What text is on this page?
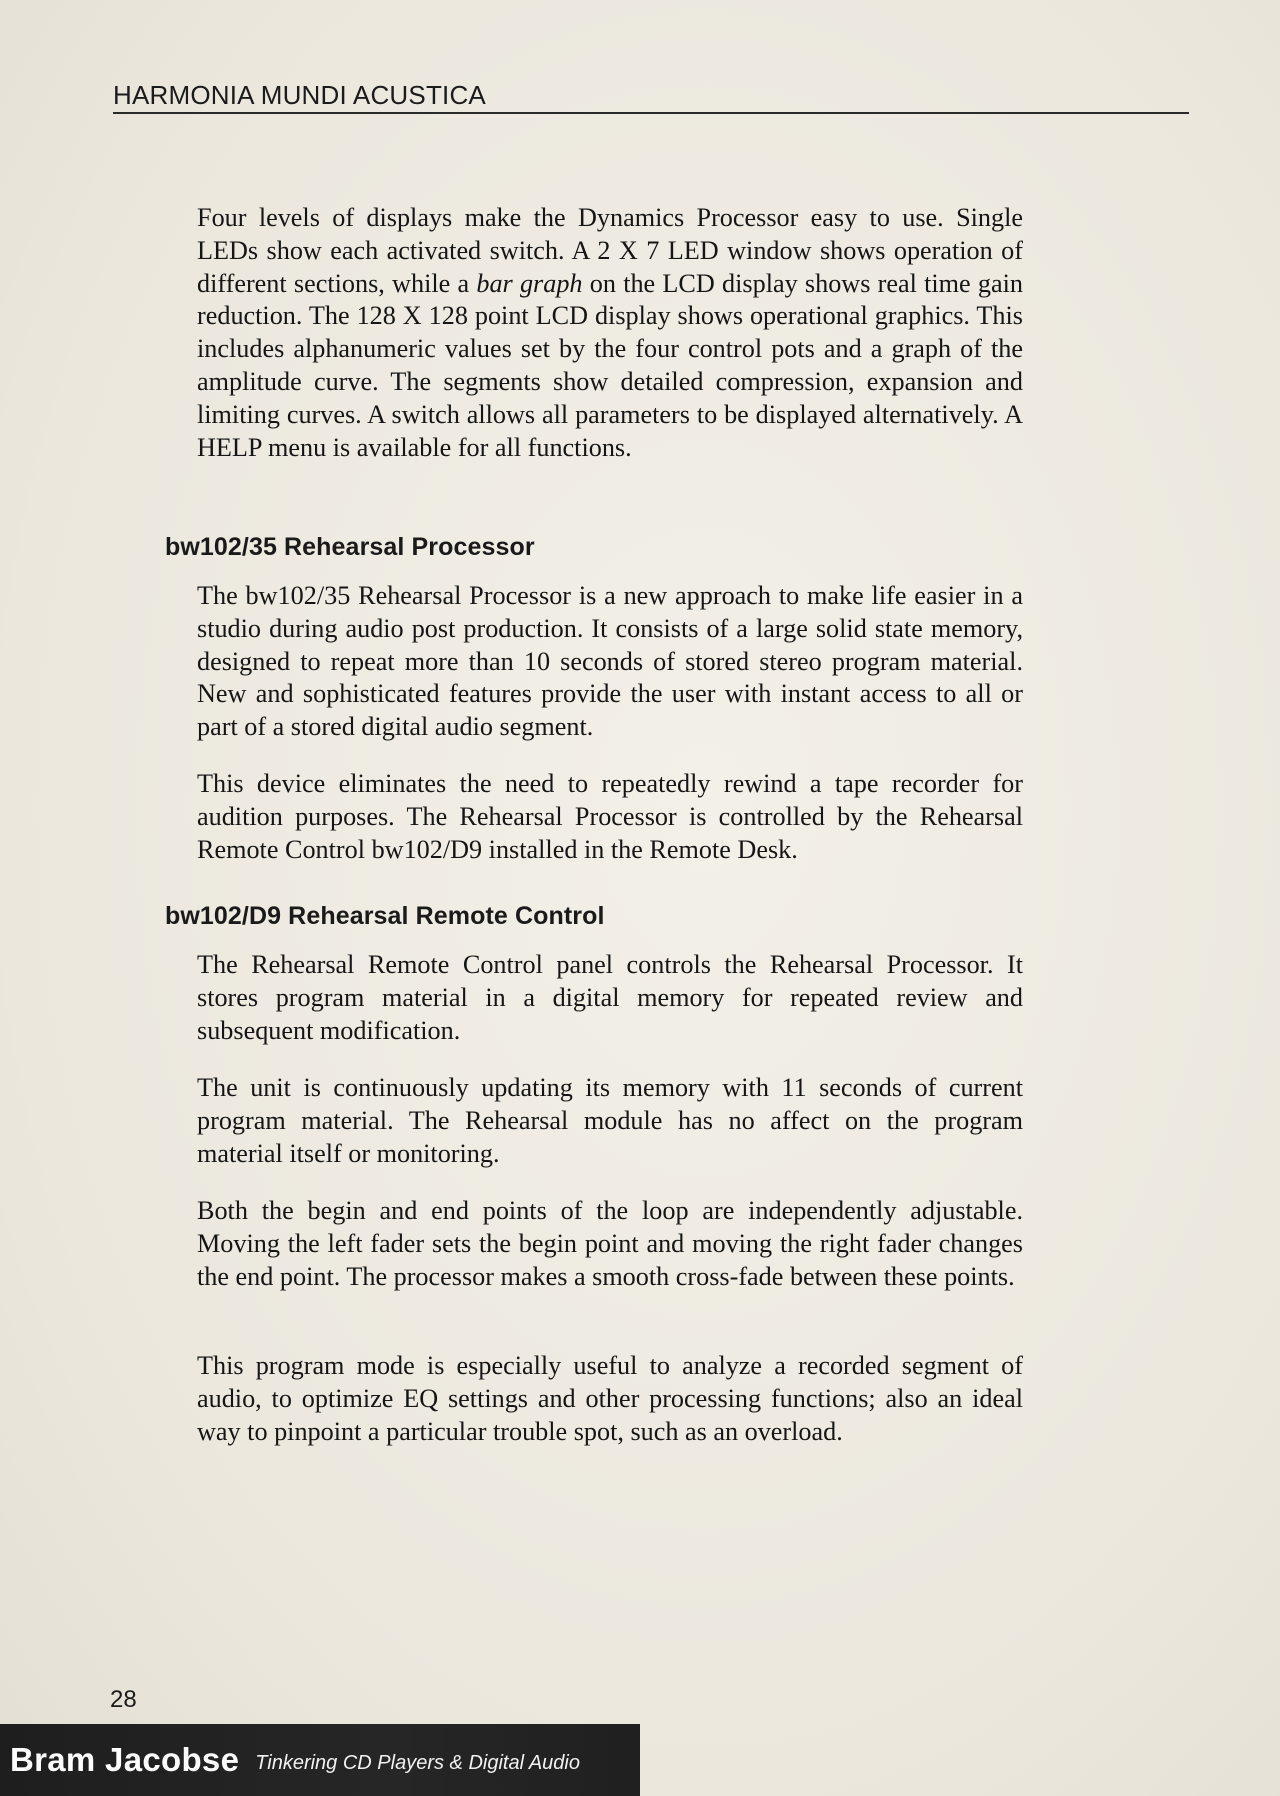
HARMONIA MUNDI ACUSTICA

Four levels of displays make the Dynamics Processor easy to use. Single LEDs show each activated switch. A 2 X 7 LED window shows operation of different sections, while a bar graph on the LCD display shows real time gain reduction. The 128 X 128 point LCD display shows operational graphics. This includes alphanumeric values set by the four control pots and a graph of the amplitude curve. The segments show detailed compression, expansion and limiting curves. A switch allows all parameters to be displayed alternatively. A HELP menu is available for all functions.

bw102/35 Rehearsal Processor

The bw102/35 Rehearsal Processor is a new approach to make life easier in a studio during audio post production. It consists of a large solid state memory, designed to repeat more than 10 seconds of stored stereo program material. New and sophisticated features provide the user with instant access to all or part of a stored digital audio segment.

This device eliminates the need to repeatedly rewind a tape recorder for audition purposes. The Rehearsal Processor is controlled by the Rehearsal Remote Control bw102/D9 installed in the Remote Desk.

bw102/D9 Rehearsal Remote Control

The Rehearsal Remote Control panel controls the Rehearsal Processor. It stores program material in a digital memory for repeated review and subsequent modification.

The unit is continuously updating its memory with 11 seconds of current program material. The Rehearsal module has no affect on the program material itself or monitoring.

Both the begin and end points of the loop are independently adjustable. Moving the left fader sets the begin point and moving the right fader changes the end point. The processor makes a smooth cross-fade between these points.

This program mode is especially useful to analyze a recorded segment of audio, to optimize EQ settings and other processing functions; also an ideal way to pinpoint a particular trouble spot, such as an overload.

28
Bram Jacobse Tinkering CD Players & Digital Audio
